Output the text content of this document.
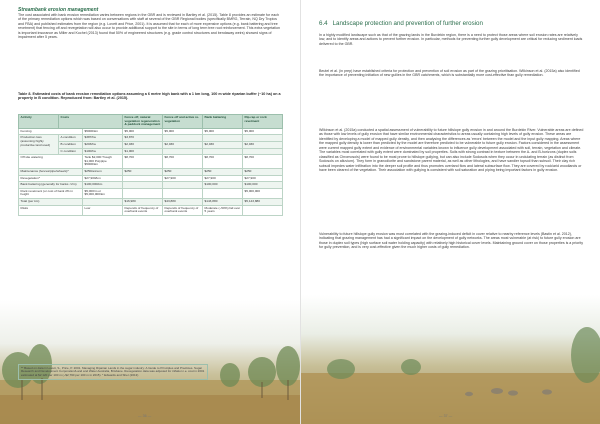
Streambank erosion management
The cost associated with bank erosion remediation varies between regions in the GBR and is reviewed in Bartley et al. (2015). Table 8 provides an estimate for each of the primary remediation options which was based on conversations with staff at several of the GBR Regional bodies (specifically BMRG, Terrain, NQ Dry Tropics and FBA) and published estimates from the region (e.g. Lovett and Price, 2001). It is assumed that for each of more expensive options (e.g. bank battering and tree revetment) that fencing off and revegetation will also occur to provide additional support to the site in terms of long term tree root reinforcement. This extra vegetation is important insurance as Miller and Kochel (2013) found that 50% of engineered structures (e.g. grade control structures and bendaway weirs) showed signs of impairment after 5 years.
Table 8. Estimated costs of bank erosion remediation options assuming a 6 metre high bank with a 1 km long, 100 m wide riparian buffer (~10 ha) on a property in B condition. Reproduced from: Bartley et al. (2015).
Activity	Costs		Fence off, natural vegetation regeneration & paddock management	Fence off and active re-vegetation	Bank battering	Rip-rap or rock revetment
Fencing		$5000/km	$5,000	$5,000	$5,000	$5,000
Production loss (assuming highly productive land used)	A condition	$387/ha	$3,870			
	B condition	$203/ha	$2,030	$2,030	$2,030	$2,030
	C condition	$100/ha	$1,000			
Off site watering		Tank $2,000 Trough $1,000 Polypipe $5000/km	$8,700	$8,700	$8,700	$8,700
Maintenance (fences/pipe/wheels)*		$250/annum	$250	$250	$250	$250
Revegetation*		$27,900/km		$27,900	$27,900	$27,900
Bank battering (generally for banks <2m)		$100,000/km			$100,000	$100,000
Rock revetment (or cost of bank 2% in height		$5,000/m or $5,000,000/km				$5,000,000
Total (per km)			$16,980	$43,880	$143,880	$5,143,880
Risks		Low	Depends of frequency of overbank events	Depends of frequency of overbank events	Moderate (~50%) fail over 5 years	
** Based on data in Lovett, S., Price, P. 2001. Managing Riparian Lands in the sugar industry: A Guide to Principles and Practices. Sugar Research and Development Corporation/Land and Water Australia, Brisbane. Revegetation data was adjusted for inflation i.e. cost in 2001 estimated at $2 120 per 100 m (~$2,790 per 100 m in 2015). * Edwards and Sher (2013)
— 36 —
6.4 Landscape protection and prevention of further erosion
In a highly modified landscape such as that of the grazing lands in the Burdekin region, there is a need to protect those areas where soil erosion rates are relatively low, and to identify areas and actions to prevent further erosion. In particular, methods for preventing further gully development are critical for reducing sediment loads delivered to the GBR.
Beutel et al. (in prep) have established criteria for protection and prevention of soil erosion as part of the grazing prioritisation. Wilkinson et al. (2015a) also identified the importance of preventing initiation of new gullies in the GBR catchments, which is substantially more cost-effective than gully remediation.
Wilkinson et al. (2015a) conducted a spatial assessment of vulnerability to future hillslope gully erosion in and around the Burdekin River. Vulnerable areas are defined as those with low levels of gully erosion that have similar environmental characteristics to areas usually containing high levels of gully erosion. These areas are identified by developing a model of mapped gully density, and then analysing the differences as 'errors' between the model and the input gully mapping. Areas where the mapped gully density is lower than predicted by the model are therefore predicted to be vulnerable to future gully erosion. Factors considered in the assessment were current mapped gully extent and evidence of environmental variables known to influence gully development associated with soil, terrain, vegetation and climate. The variables most correlated with gully extent were dominated by soil properties. Soils with strong contrast in texture between the A- and B-horizons (duplex soils classified as Chromosols) were found to be most prone to hillslope gullying, but can also include Sodosols when they occur in undulating terrain (as distinct from Sodosols on alluvium). They form in granodiorite and sandstone parent material, as well as other lithologies, and have sandier topsoil than subsoil. Their clay rich subsoil impedes water infiltration into the deeper soil profile and thus promotes overland flow and lateral subsurface flow. They are covered by rock/arid woodlands or have been cleared of the vegetation. Their association with gullying is consistent with soil saturation and piping being important factors in gully erosion.
Vulnerability to future hillslope gully erosion was most correlated with the grazing-induced deficit in cover relative to nearby reference levels (Bastin et al. 2012), indicating that grazing management has had a significant impact on the development of gully networks. The areas most vulnerable (at risk) to future gully erosion are those in duplex soil types (high surface soil water holding capacity) with relatively high historical cover levels. Maintaining ground cover on those properties is a priority for gully prevention, and is very cost-effective given the much higher costs of gully remediation.
— 37 —
